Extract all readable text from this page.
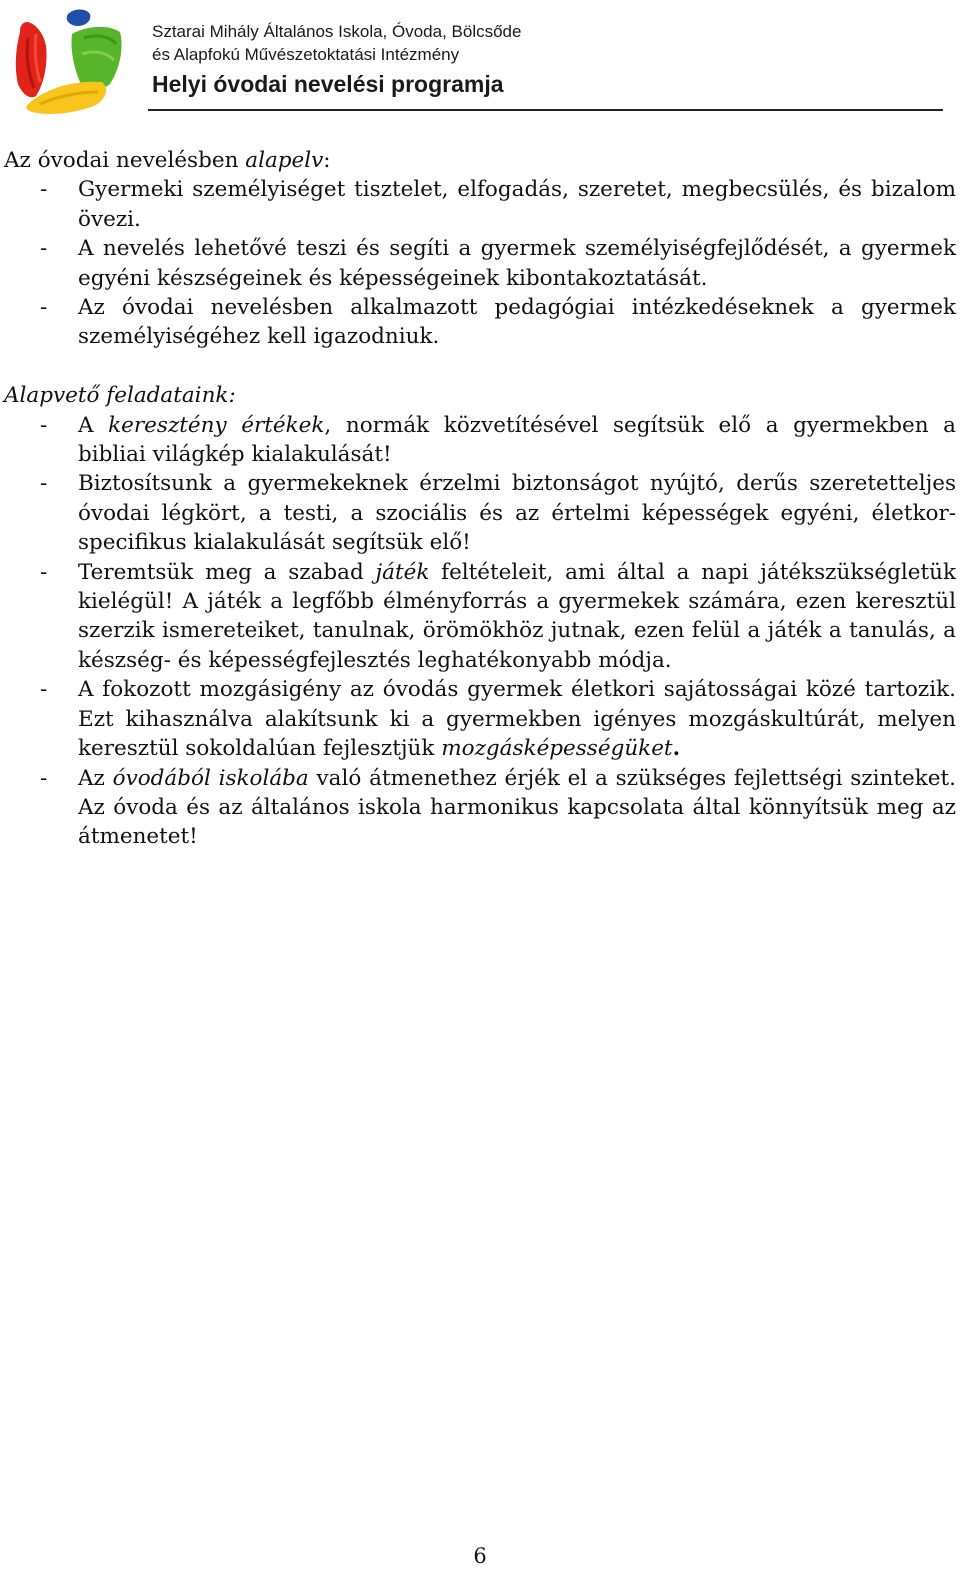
Sztarai Mihály Általános Iskola, Óvoda, Bölcsőde
és Alapfokú Művészetoktatási Intézmény
Helyi óvodai nevelési programja

Az óvodai nevelésben alapelv:

- Gyermeki személyiséget tisztelet, elfogadás, szeretet, megbecsülés, és bizalom övezi.
- A nevelés lehetővé teszi és segíti a gyermek személyiségfejlődését, a gyermek egyéni készségeinek és képességeinek kibontakoztatását.
- Az óvodai nevelésben alkalmazott pedagógiai intézkedéseknek a gyermek személyiségéhez kell igazodniuk.

Alapvető feladataink:

- A keresztény értékek, normák közvetítésével segítsük elő a gyermekben a bibliai világkép kialakulását!
- Biztosítsunk a gyermekeknek érzelmi biztonságot nyújtó, derűs szeretetteljes óvodai légkört, a testi, a szociális és az értelmi képességek egyéni, életkor-specifikus kialakulását segítsük elő!
- Teremtsük meg a szabad játék feltételeit, ami által a napi játékszükségletük kielégül! A játék a legfőbb élményforrás a gyermekek számára, ezen keresztül szerzik ismereteiket, tanulnak, örömökhöz jutnak, ezen felül a játék a tanulás, a készség- és képességfejlesztés leghatékonyabb módja.
- A fokozott mozgásigény az óvodás gyermek életkori sajátosságai közé tartozik. Ezt kihasználva alakítsunk ki a gyermekben igényes mozgáskultúrát, melyen keresztül sokoldalúan fejlesztjük mozgásképességüket.
- Az óvodából iskolába való átmenethez érjék el a szükséges fejlettségi szinteket. Az óvoda és az általános iskola harmonikus kapcsolata által könnyítsük meg az átmenetet!
6
